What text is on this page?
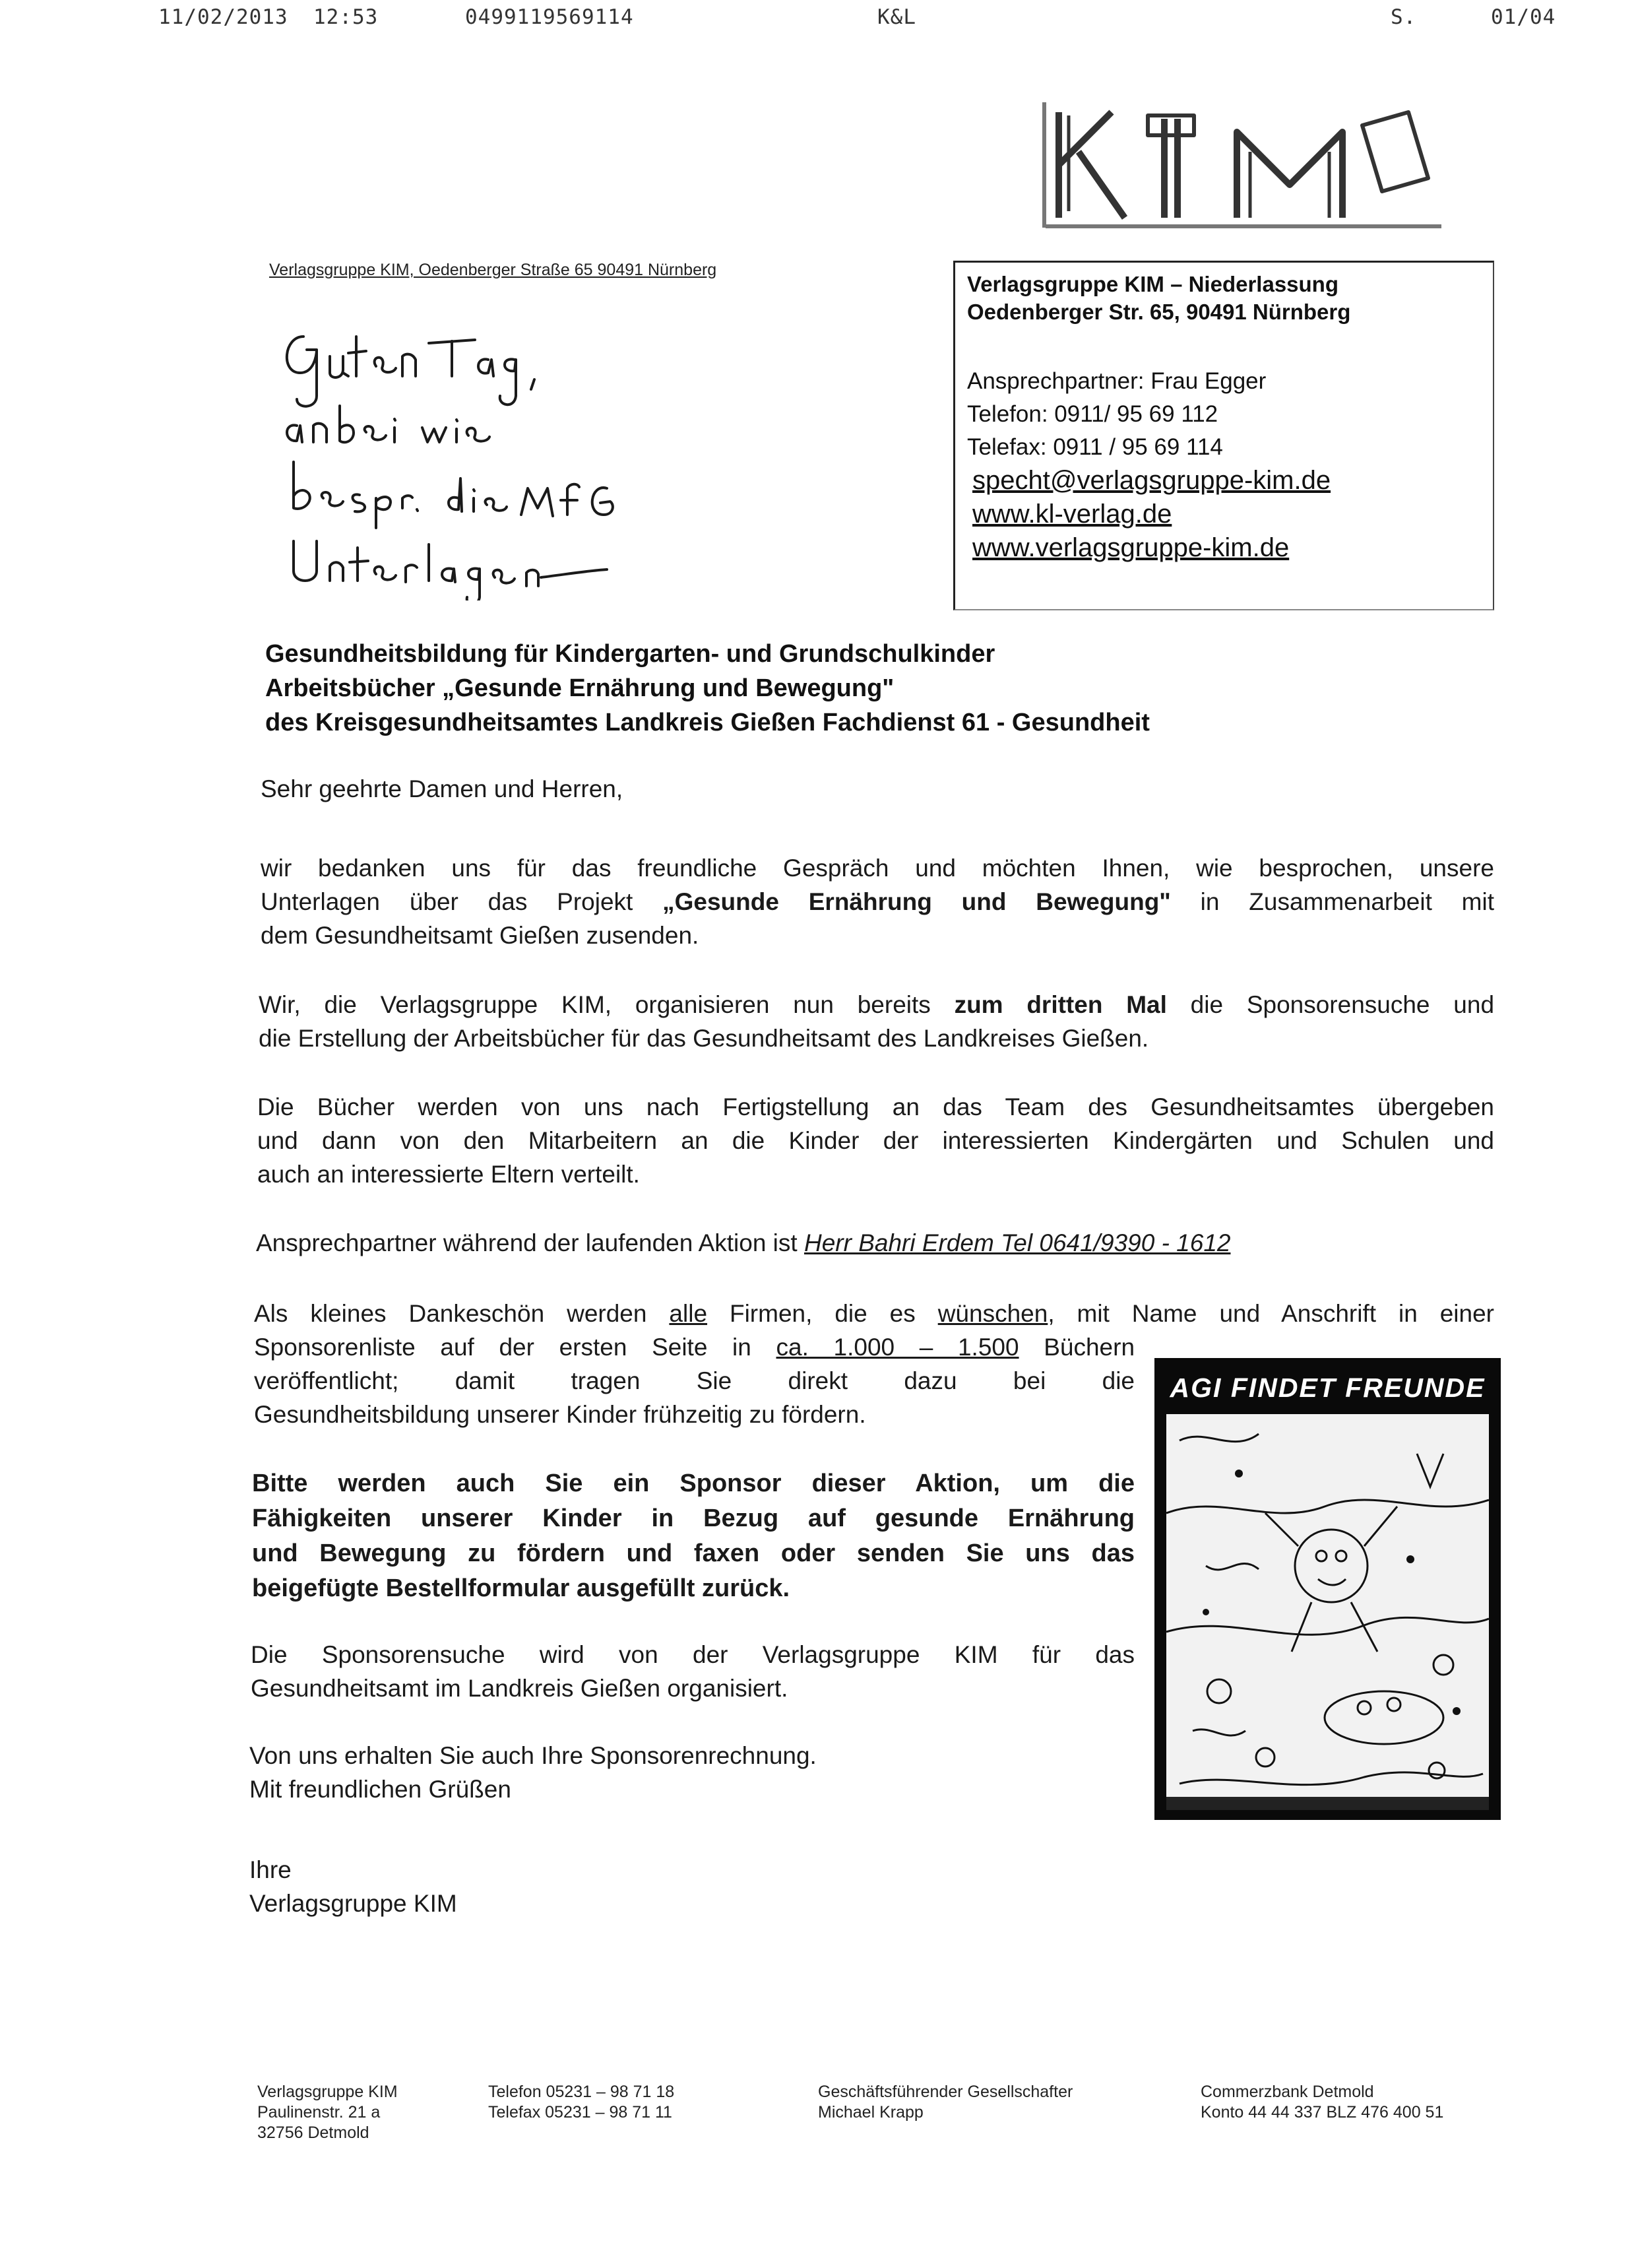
11/02/2013 12:53	0499119569114	K&L	S.	01/04
Verlagsgruppe KIM, Oedenberger Straße 65 90491 Nürnberg
Verlagsgruppe KIM – Niederlassung
Oedenberger Str. 65, 90491 Nürnberg
Ansprechpartner: Frau Egger
Telefon: 0911/ 95 69 112
Telefax: 0911 / 95 69 114
specht@verlagsgruppe-kim.de
www.kl-verlag.de
www.verlagsgruppe-kim.de
Gesundheitsbildung für Kindergarten- und Grundschulkinder
Arbeitsbücher „Gesunde Ernährung und Bewegung"
des Kreisgesundheitsamtes Landkreis Gießen Fachdienst 61 - Gesundheit
Sehr geehrte Damen und Herren,
wir bedanken uns für das freundliche Gespräch und möchten Ihnen, wie besprochen, unsere
Unterlagen über das Projekt „Gesunde Ernährung und Bewegung" in Zusammenarbeit mit
dem Gesundheitsamt Gießen zusenden.
Wir, die Verlagsgruppe KIM, organisieren nun bereits zum dritten Mal die Sponsorensuche und
die Erstellung der Arbeitsbücher für das Gesundheitsamt des Landkreises Gießen.
Die Bücher werden von uns nach Fertigstellung an das Team des Gesundheitsamtes übergeben
und dann von den Mitarbeitern an die Kinder der interessierten Kindergärten und Schulen und
auch an interessierte Eltern verteilt.
Ansprechpartner während der laufenden Aktion ist Herr Bahri Erdem Tel 0641/9390 - 1612
Als kleines Dankeschön werden alle Firmen, die es wünschen, mit Name und Anschrift in einer
Sponsorenliste auf der ersten Seite in ca. 1.000 – 1.500 Büchern
veröffentlicht; damit tragen Sie direkt dazu bei die
Gesundheitsbildung unserer Kinder frühzeitig zu fördern.
Bitte werden auch Sie ein Sponsor dieser Aktion, um die
Fähigkeiten unserer Kinder in Bezug auf gesunde Ernährung
und Bewegung zu fördern und faxen oder senden Sie uns das
beigefügte Bestellformular ausgefüllt zurück.
Die Sponsorensuche wird von der Verlagsgruppe KIM für das
Gesundheitsamt im Landkreis Gießen organisiert.
Von uns erhalten Sie auch Ihre Sponsorenrechnung.
Mit freundlichen Grüßen
Ihre
Verlagsgruppe KIM
AGI FINDET FREUNDE
Verlagsgruppe KIM
Paulinenstr. 21 a
32756 Detmold
Telefon 05231 – 98 71 18
Telefax 05231 – 98 71 11
Geschäftsführender Gesellschafter
Michael Krapp
Commerzbank Detmold
Konto 44 44 337 BLZ 476 400 51
